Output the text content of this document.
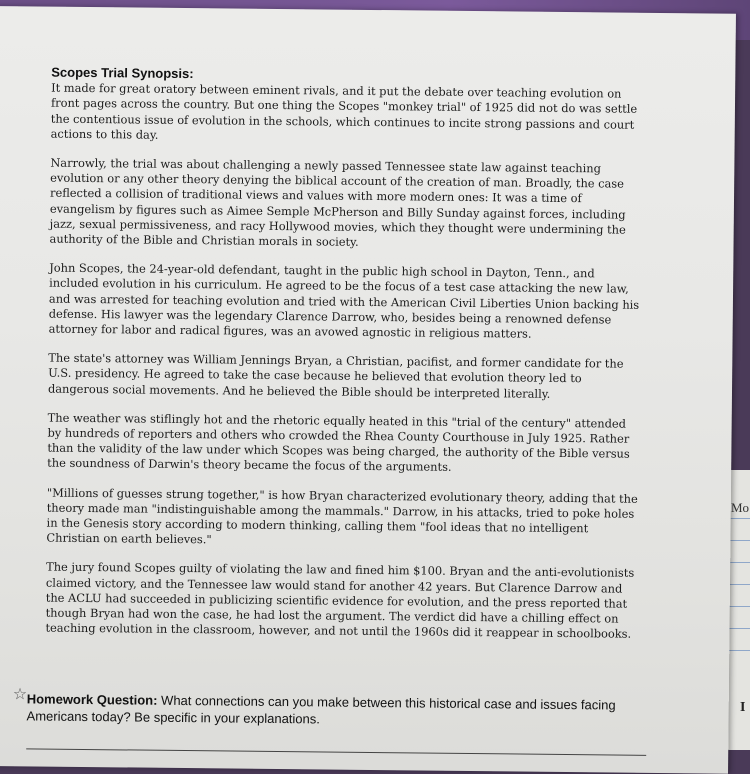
Mo
I
Scopes Trial Synopsis:

It made for great oratory between eminent rivals, and it put the debate over teaching evolution on front pages across the country. But one thing the Scopes "monkey trial" of 1925 did not do was settle the contentious issue of evolution in the schools, which continues to incite strong passions and court actions to this day.

Narrowly, the trial was about challenging a newly passed Tennessee state law against teaching evolution or any other theory denying the biblical account of the creation of man. Broadly, the case reflected a collision of traditional views and values with more modern ones: It was a time of evangelism by figures such as Aimee Semple McPherson and Billy Sunday against forces, including jazz, sexual permissiveness, and racy Hollywood movies, which they thought were undermining the authority of the Bible and Christian morals in society.

John Scopes, the 24-year-old defendant, taught in the public high school in Dayton, Tenn., and included evolution in his curriculum. He agreed to be the focus of a test case attacking the new law, and was arrested for teaching evolution and tried with the American Civil Liberties Union backing his defense. His lawyer was the legendary Clarence Darrow, who, besides being a renowned defense attorney for labor and radical figures, was an avowed agnostic in religious matters.

The state's attorney was William Jennings Bryan, a Christian, pacifist, and former candidate for the U.S. presidency. He agreed to take the case because he believed that evolution theory led to dangerous social movements. And he believed the Bible should be interpreted literally.

The weather was stiflingly hot and the rhetoric equally heated in this "trial of the century" attended by hundreds of reporters and others who crowded the Rhea County Courthouse in July 1925. Rather than the validity of the law under which Scopes was being charged, the authority of the Bible versus the soundness of Darwin's theory became the focus of the arguments.

"Millions of guesses strung together," is how Bryan characterized evolutionary theory, adding that the theory made man "indistinguishable among the mammals." Darrow, in his attacks, tried to poke holes in the Genesis story according to modern thinking, calling them "fool ideas that no intelligent Christian on earth believes."

The jury found Scopes guilty of violating the law and fined him $100. Bryan and the anti-evolutionists claimed victory, and the Tennessee law would stand for another 42 years. But Clarence Darrow and the ACLU had succeeded in publicizing scientific evidence for evolution, and the press reported that though Bryan had won the case, he had lost the argument. The verdict did have a chilling effect on teaching evolution in the classroom, however, and not until the 1960s did it reappear in schoolbooks.

☆ Homework Question: What connections can you make between this historical case and issues facing Americans today? Be specific in your explanations.
